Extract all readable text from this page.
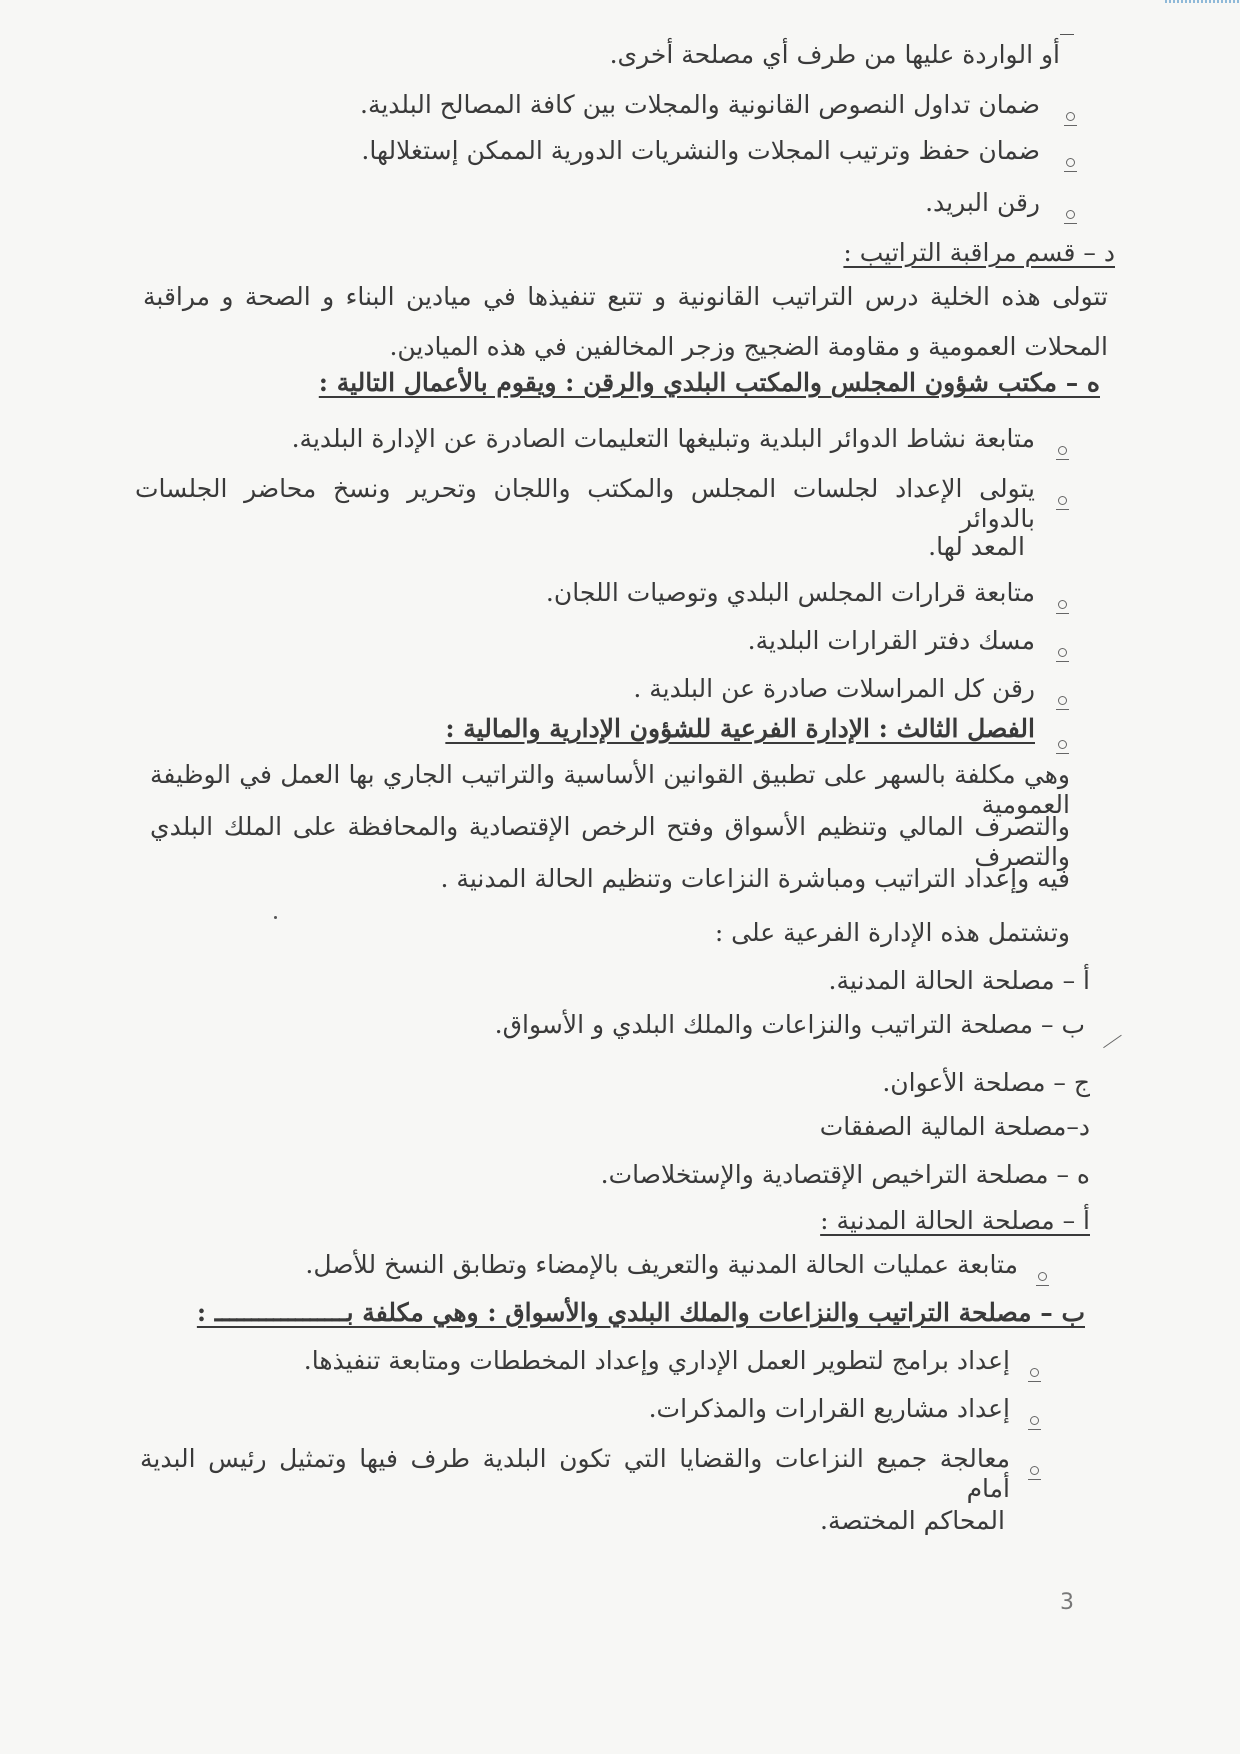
أو الواردة عليها من طرف أي مصلحة أخرى.
ضمان تداول النصوص القانونية والمجلات بين كافة المصالح البلدية.
ضمان حفظ وترتيب المجلات والنشريات الدورية الممكن إستغلالها.
رقن البريد.
د – قسم مراقبة التراتيب :
تتولى هذه الخلية درس التراتيب القانونية و تتبع تنفيذها في ميادين البناء و الصحة و مراقبة
المحلات العمومية و مقاومة الضجيج وزجر المخالفين في هذه الميادين.
ه – مكتب شؤون المجلس والمكتب البلدي والرقن : ويقوم بالأعمال التالية :
متابعة نشاط الدوائر البلدية وتبليغها التعليمات الصادرة عن الإدارة البلدية.
يتولى الإعداد لجلسات المجلس والمكتب واللجان وتحرير ونسخ محاضر الجلسات بالدوائر
المعد لها.
متابعة قرارات المجلس البلدي وتوصيات اللجان.
مسك دفتر القرارات البلدية.
رقن كل المراسلات صادرة عن البلدية .
الفصل الثالث : الإدارة الفرعية للشؤون الإدارية والمالية :
وهي مكلفة بالسهر على تطبيق القوانين الأساسية والتراتيب الجاري بها العمل في الوظيفة العمومية
والتصرف المالي وتنظيم الأسواق وفتح الرخص الإقتصادية والمحافظة على الملك البلدي والتصرف
فيه وإعداد التراتيب ومباشرة النزاعات وتنظيم الحالة المدنية .
وتشتمل هذه الإدارة الفرعية على :
أ – مصلحة الحالة المدنية.
ب – مصلحة التراتيب والنزاعات والملك البلدي و الأسواق.
ج – مصلحة الأعوان.
د–مصلحة المالية الصفقات
ه – مصلحة التراخيص الإقتصادية والإستخلاصات.
أ – مصلحة الحالة المدنية :
متابعة عمليات الحالة المدنية والتعريف بالإمضاء وتطابق النسخ للأصل.
ب – مصلحة التراتيب والنزاعات والملك البلدي والأسواق : وهي مكلفة بــــــــــــــــــ :
إعداد برامج لتطوير العمل الإداري وإعداد المخططات ومتابعة تنفيذها.
إعداد مشاريع القرارات والمذكرات.
معالجة جميع النزاعات والقضايا التي تكون البلدية طرف فيها وتمثيل رئيس البدية أمام
المحاكم المختصة.
3
